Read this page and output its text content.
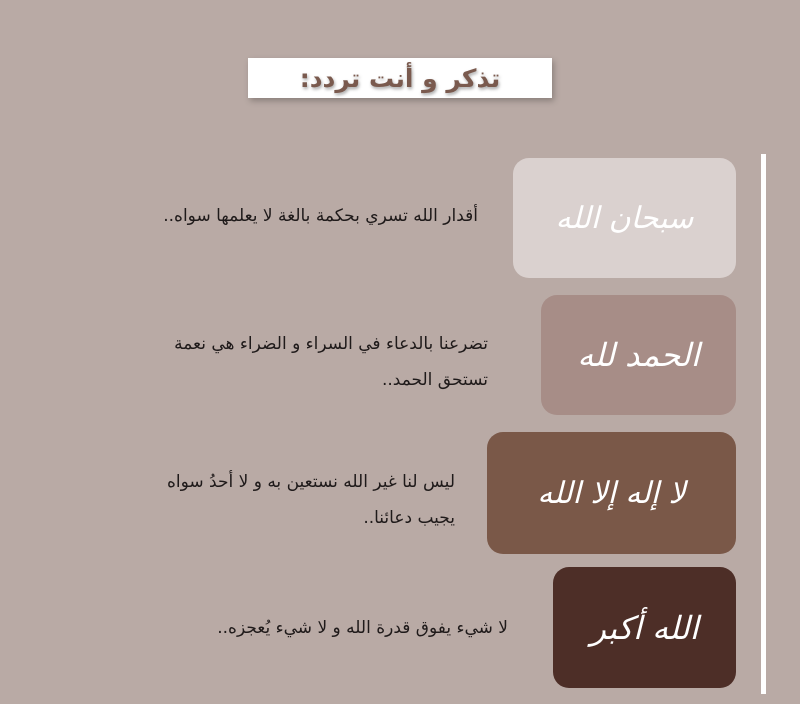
تذكر و أنت تردد:
سبحان الله
أقدار الله تسري بحكمة بالغة لا يعلمها سواه..
الحمد لله
تضرعنا بالدعاء في السراء و الضراء هي نعمة
تستحق الحمد..
لا إله إلا الله
ليس لنا غير الله نستعين به و لا أحدُ سواه
يجيب دعائنا..
الله أكبر
لا شيء يفوق قدرة الله و لا شيء يُعجزه..
